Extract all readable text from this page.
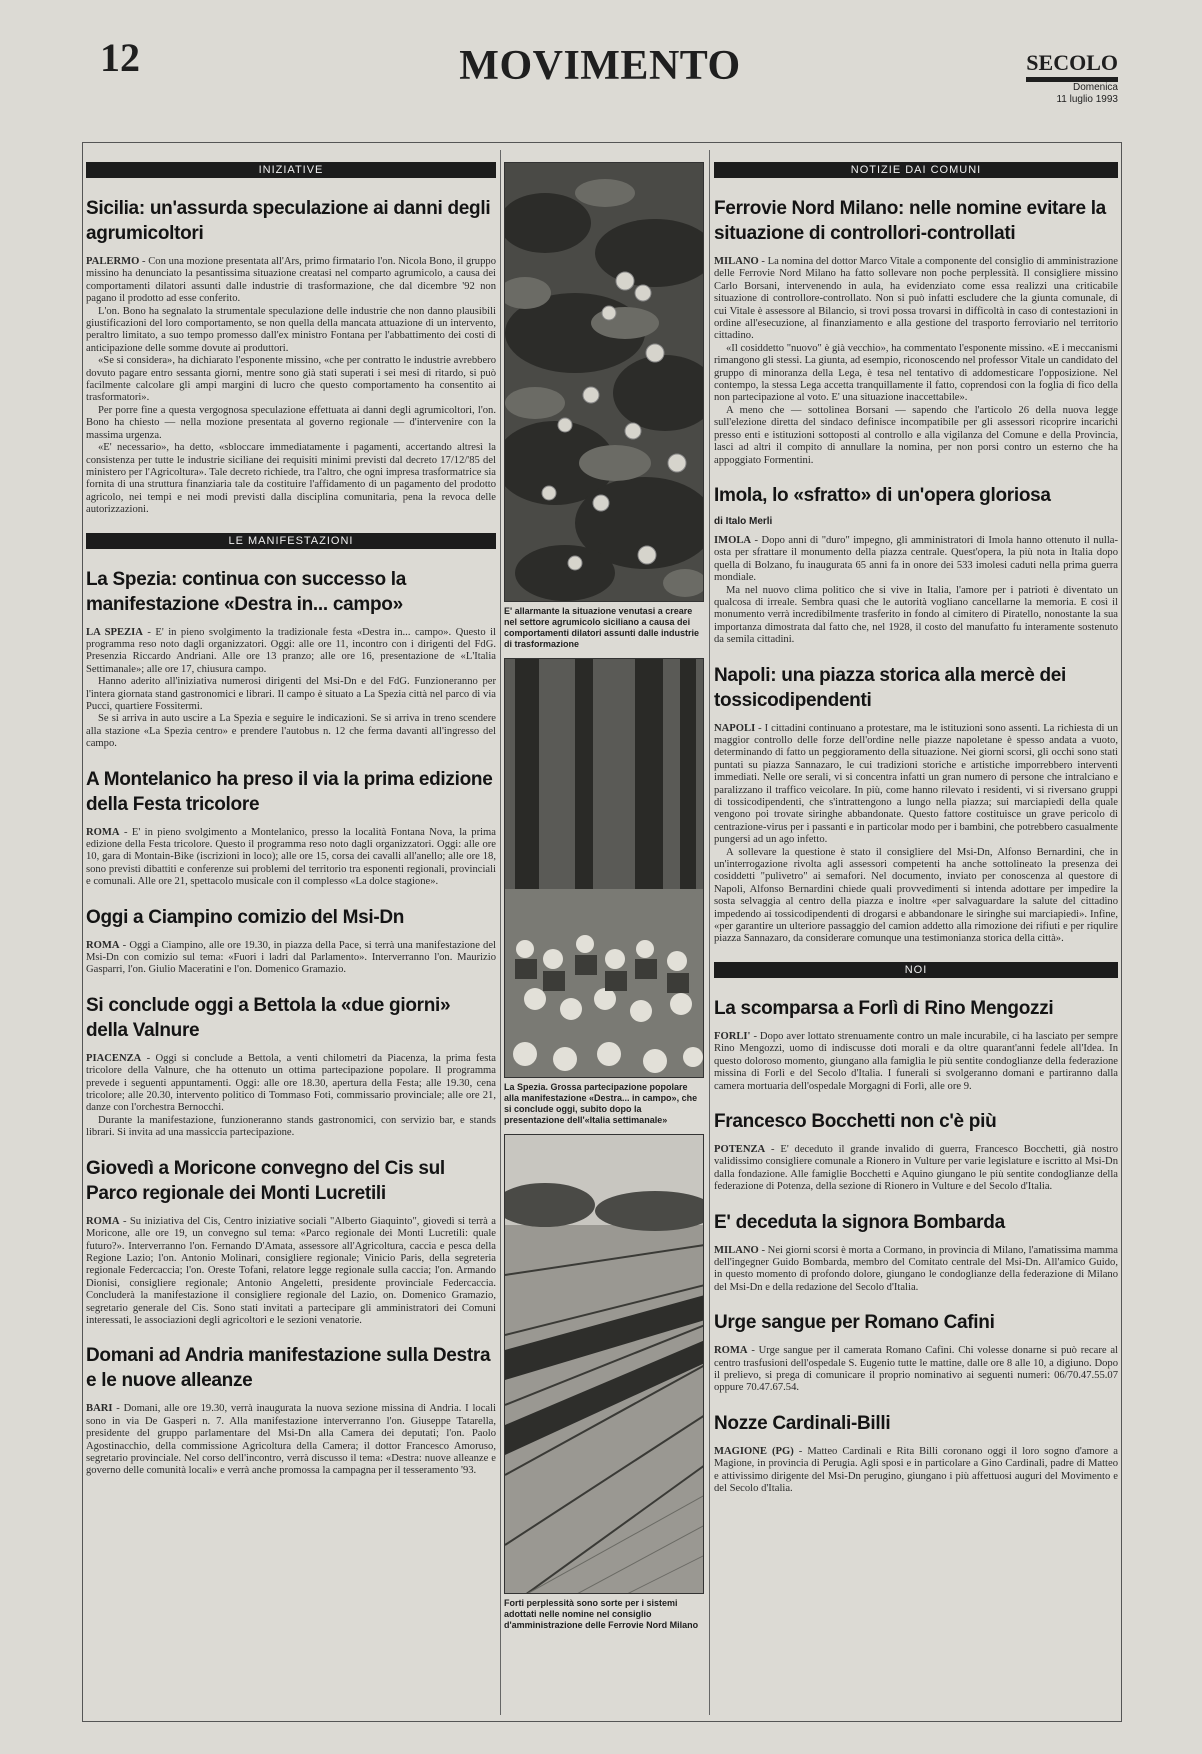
12	MOVIMENTO	SECOLO
Domenica
11 luglio 1993
INIZIATIVE
Sicilia: un'assurda speculazione ai danni degli agrumicoltori

PALERMO - Con una mozione presentata all'Ars, primo firmatario l'on. Nicola Bono, il gruppo missino ha denunciato la pesantissima situazione creatasi nel comparto agrumicolo, a causa dei comportamenti dilatori assunti dalle industrie di trasformazione, che dal dicembre '92 non pagano il prodotto ad esse conferito.

L'on. Bono ha segnalato la strumentale speculazione delle industrie che non danno plausibili giustificazioni del loro comportamento, se non quella della mancata attuazione di un intervento, peraltro limitato, a suo tempo promesso dall'ex ministro Fontana per l'abbattimento dei costi di anticipazione delle somme dovute ai produttori.

«Se si considera», ha dichiarato l'esponente missino, «che per contratto le industrie avrebbero dovuto pagare entro sessanta giorni, mentre sono già stati superati i sei mesi di ritardo, si può facilmente calcolare gli ampi margini di lucro che questo comportamento ha consentito ai trasformatori».

Per porre fine a questa vergognosa speculazione effettuata ai danni degli agrumicoltori, l'on. Bono ha chiesto — nella mozione presentata al governo regionale — d'intervenire con la massima urgenza.

«E' necessario», ha detto, «sbloccare immediatamente i pagamenti, accertando altresì la consistenza per tutte le industrie siciliane dei requisiti minimi previsti dal decreto 17/12/'85 del ministero per l'Agricoltura». Tale decreto richiede, tra l'altro, che ogni impresa trasformatrice sia fornita di una struttura finanziaria tale da costituire l'affidamento di un pagamento del prodotto agricolo, nei tempi e nei modi previsti dalla disciplina comunitaria, pena la revoca delle autorizzazioni.

LE MANIFESTAZIONI
La Spezia: continua con successo la manifestazione «Destra in... campo»

LA SPEZIA - E' in pieno svolgimento la tradizionale festa «Destra in... campo». Questo il programma reso noto dagli organizzatori. Oggi: alle ore 11, incontro con i dirigenti del FdG. Presenzia Riccardo Andriani. Alle ore 13 pranzo; alle ore 16, presentazione de «L'Italia Settimanale»; alle ore 17, chiusura campo.

Hanno aderito all'iniziativa numerosi dirigenti del Msi-Dn e del FdG. Funzioneranno per l'intera giornata stand gastronomici e librari. Il campo è situato a La Spezia città nel parco di via Pucci, quartiere Fossitermi.

Se si arriva in auto uscire a La Spezia e seguire le indicazioni. Se si arriva in treno scendere alla stazione «La Spezia centro» e prendere l'autobus n. 12 che ferma davanti all'ingresso del campo.

A Montelanico ha preso il via la prima edizione della Festa tricolore

ROMA - E' in pieno svolgimento a Montelanico, presso la località Fontana Nova, la prima edizione della Festa tricolore. Questo il programma reso noto dagli organizzatori. Oggi: alle ore 10, gara di Montain-Bike (iscrizioni in loco); alle ore 15, corsa dei cavalli all'anello; alle ore 18, sono previsti dibattiti e conferenze sui problemi del territorio tra esponenti regionali, provinciali e comunali. Alle ore 21, spettacolo musicale con il complesso «La dolce stagione».

Oggi a Ciampino comizio del Msi-Dn

ROMA - Oggi a Ciampino, alle ore 19.30, in piazza della Pace, si terrà una manifestazione del Msi-Dn con comizio sul tema: «Fuori i ladri dal Parlamento». Interverranno l'on. Maurizio Gasparri, l'on. Giulio Maceratini e l'on. Domenico Gramazio.

Si conclude oggi a Bettola la «due giorni» della Valnure

PIACENZA - Oggi si conclude a Bettola, a venti chilometri da Piacenza, la prima festa tricolore della Valnure, che ha ottenuto un ottima partecipazione popolare. Il programma prevede i seguenti appuntamenti. Oggi: alle ore 18.30, apertura della Festa; alle 19.30, cena tricolore; alle 20.30, intervento politico di Tommaso Foti, commissario provinciale; alle ore 21, danze con l'orchestra Bernocchi.

Durante la manifestazione, funzioneranno stands gastronomici, con servizio bar, e stands librari. Si invita ad una massiccia partecipazione.

Giovedì a Moricone convegno del Cis sul Parco regionale dei Monti Lucretili

ROMA - Su iniziativa del Cis, Centro iniziative sociali "Alberto Giaquinto", giovedì si terrà a Moricone, alle ore 19, un convegno sul tema: «Parco regionale dei Monti Lucretili: quale futuro?». Interverranno l'on. Fernando D'Amata, assessore all'Agricoltura, caccia e pesca della Regione Lazio; l'on. Antonio Molinari, consigliere regionale; Vinicio Paris, della segreteria regionale Federcaccia; l'on. Oreste Tofani, relatore legge regionale sulla caccia; l'on. Armando Dionisi, consigliere regionale; Antonio Angeletti, presidente provinciale Federcaccia. Concluderà la manifestazione il consigliere regionale del Lazio, on. Domenico Gramazio, segretario generale del Cis. Sono stati invitati a partecipare gli amministratori dei Comuni interessati, le associazioni degli agricoltori e le sezioni venatorie.

Domani ad Andria manifestazione sulla Destra e le nuove alleanze

BARI - Domani, alle ore 19.30, verrà inaugurata la nuova sezione missina di Andria. I locali sono in via De Gasperi n. 7. Alla manifestazione interverranno l'on. Giuseppe Tatarella, presidente del gruppo parlamentare del Msi-Dn alla Camera dei deputati; l'on. Paolo Agostinacchio, della commissione Agricoltura della Camera; il dottor Francesco Amoruso, segretario provinciale. Nel corso dell'incontro, verrà discusso il tema: «Destra: nuove alleanze e governo delle comunità locali» e verrà anche promossa la campagna per il tesseramento '93.

E' allarmante la situazione venutasi a creare nel settore agrumicolo siciliano a causa dei comportamenti dilatori assunti dalle industrie di trasformazione
La Spezia. Grossa partecipazione popolare alla manifestazione «Destra... in campo», che si conclude oggi, subito dopo la presentazione dell'«Italia settimanale»
Forti perplessità sono sorte per i sistemi adottati nelle nomine nel consiglio d'amministrazione delle Ferrovie Nord Milano
NOTIZIE DAI COMUNI
Ferrovie Nord Milano: nelle nomine evitare la situazione di controllori-controllati

MILANO - La nomina del dottor Marco Vitale a componente del consiglio di amministrazione delle Ferrovie Nord Milano ha fatto sollevare non poche perplessità. Il consigliere missino Carlo Borsani, intervenendo in aula, ha evidenziato come essa realizzi una criticabile situazione di controllore-controllato. Non si può infatti escludere che la giunta comunale, di cui Vitale è assessore al Bilancio, si trovi possa trovarsi in difficoltà in caso di contestazioni in ordine all'esecuzione, al finanziamento e alla gestione del trasporto ferroviario nel territorio cittadino.

«Il cosiddetto "nuovo" è già vecchio», ha commentato l'esponente missino. «E i meccanismi rimangono gli stessi. La giunta, ad esempio, riconoscendo nel professor Vitale un candidato del gruppo di minoranza della Lega, è tesa nel tentativo di addomesticare l'opposizione. Nel contempo, la stessa Lega accetta tranquillamente il fatto, coprendosi con la foglia di fico della non partecipazione al voto. E' una situazione inaccettabile».

A meno che — sottolinea Borsani — sapendo che l'articolo 26 della nuova legge sull'elezione diretta del sindaco definisce incompatibile per gli assessori ricoprire incarichi presso enti e istituzioni sottoposti al controllo e alla vigilanza del Comune e della Provincia, lasci ad altri il compito di annullare la nomina, per non porsi contro un esterno che ha appoggiato Formentini.

Imola, lo «sfratto» di un'opera gloriosa
di Italo Merli

IMOLA - Dopo anni di "duro" impegno, gli amministratori di Imola hanno ottenuto il nulla-osta per sfrattare il monumento della piazza centrale. Quest'opera, la più nota in Italia dopo quella di Bolzano, fu inaugurata 65 anni fa in onore dei 533 imolesi caduti nella prima guerra mondiale.

Ma nel nuovo clima politico che si vive in Italia, l'amore per i patrioti è diventato un qualcosa di irreale. Sembra quasi che le autorità vogliano cancellarne la memoria. E così il monumento verrà incredibilmente trasferito in fondo al cimitero di Piratello, nonostante la sua importanza dimostrata dal fatto che, nel 1928, il costo del manufatto fu interamente sostenuto da semila cittadini.

Napoli: una piazza storica alla mercè dei tossicodipendenti

NAPOLI - I cittadini continuano a protestare, ma le istituzioni sono assenti. La richiesta di un maggior controllo delle forze dell'ordine nelle piazze napoletane è spesso andata a vuoto, determinando di fatto un peggioramento della situazione. Nei giorni scorsi, gli occhi sono stati puntati su piazza Sannazaro, le cui tradizioni storiche e artistiche imporrebbero interventi immediati. Nelle ore serali, vi si concentra infatti un gran numero di persone che intralciano e paralizzano il traffico veicolare. In più, come hanno rilevato i residenti, vi si riversano gruppi di tossicodipendenti, che s'intrattengono a lungo nella piazza; sui marciapiedi della quale vengono poi trovate siringhe abbandonate. Questo fattore costituisce un grave pericolo di centrazione-virus per i passanti e in particolar modo per i bambini, che potrebbero casualmente pungersi ad un ago infetto.

A sollevare la questione è stato il consigliere del Msi-Dn, Alfonso Bernardini, che in un'interrogazione rivolta agli assessori competenti ha anche sottolineato la presenza dei cosiddetti "pulivetro" ai semafori. Nel documento, inviato per conoscenza al questore di Napoli, Alfonso Bernardini chiede quali provvedimenti si intenda adottare per impedire la sosta selvaggia al centro della piazza e inoltre «per salvaguardare la salute del cittadino impedendo ai tossicodipendenti di drogarsi e abbandonare le siringhe sui marciapiedi». Infine, «per garantire un ulteriore passaggio del camion addetto alla rimozione dei rifiuti e per riqulire piazza Sannazaro, da considerare comunque una testimonianza storica della città».

NOI
La scomparsa a Forlì di Rino Mengozzi

FORLI' - Dopo aver lottato strenuamente contro un male incurabile, ci ha lasciato per sempre Rino Mengozzi, uomo di indiscusse doti morali e da oltre quarant'anni fedele all'Idea. In questo doloroso momento, giungano alla famiglia le più sentite condoglianze della federazione missina di Forlì e del Secolo d'Italia. I funerali si svolgeranno domani e partiranno dalla camera mortuaria dell'ospedale Morgagni di Forlì, alle ore 9.

Francesco Bocchetti non c'è più

POTENZA - E' deceduto il grande invalido di guerra, Francesco Bocchetti, già nostro validissimo consigliere comunale a Rionero in Vulture per varie legislature e iscritto al Msi-Dn dalla fondazione. Alle famiglie Bocchetti e Aquino giungano le più sentite condoglianze della federazione di Potenza, della sezione di Rionero in Vulture e del Secolo d'Italia.

E' deceduta la signora Bombarda

MILANO - Nei giorni scorsi è morta a Cormano, in provincia di Milano, l'amatissima mamma dell'ingegner Guido Bombarda, membro del Comitato centrale del Msi-Dn. All'amico Guido, in questo momento di profondo dolore, giungano le condoglianze della federazione di Milano del Msi-Dn e della redazione del Secolo d'Italia.

Urge sangue per Romano Cafini

ROMA - Urge sangue per il camerata Romano Cafini. Chi volesse donarne si può recare al centro trasfusioni dell'ospedale S. Eugenio tutte le mattine, dalle ore 8 alle 10, a digiuno. Dopo il prelievo, si prega di comunicare il proprio nominativo ai seguenti numeri: 06/70.47.55.07 oppure 70.47.67.54.

Nozze Cardinali-Billi

MAGIONE (PG) - Matteo Cardinali e Rita Billi coronano oggi il loro sogno d'amore a Magione, in provincia di Perugia. Agli sposi e in particolare a Gino Cardinali, padre di Matteo e attivissimo dirigente del Msi-Dn perugino, giungano i più affettuosi auguri del Movimento e del Secolo d'Italia.
